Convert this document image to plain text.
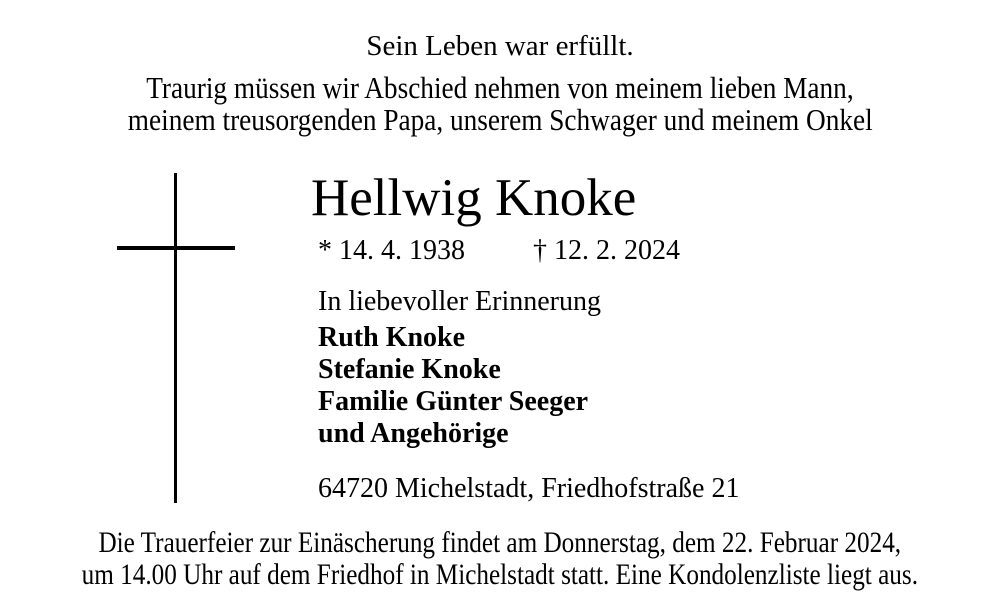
Sein Leben war erfüllt.
Traurig müssen wir Abschied nehmen von meinem lieben Mann,
meinem treusorgenden Papa, unserem Schwager und meinem Onkel
Hellwig Knoke
* 14. 4. 1938 † 12. 2. 2024
In liebevoller Erinnerung
Ruth Knoke
Stefanie Knoke
Familie Günter Seeger
und Angehörige
64720 Michelstadt, Friedhofstraße 21
Die Trauerfeier zur Einäscherung findet am Donnerstag, dem 22. Februar 2024,
um 14.00 Uhr auf dem Friedhof in Michelstadt statt. Eine Kondolenzliste liegt aus.
